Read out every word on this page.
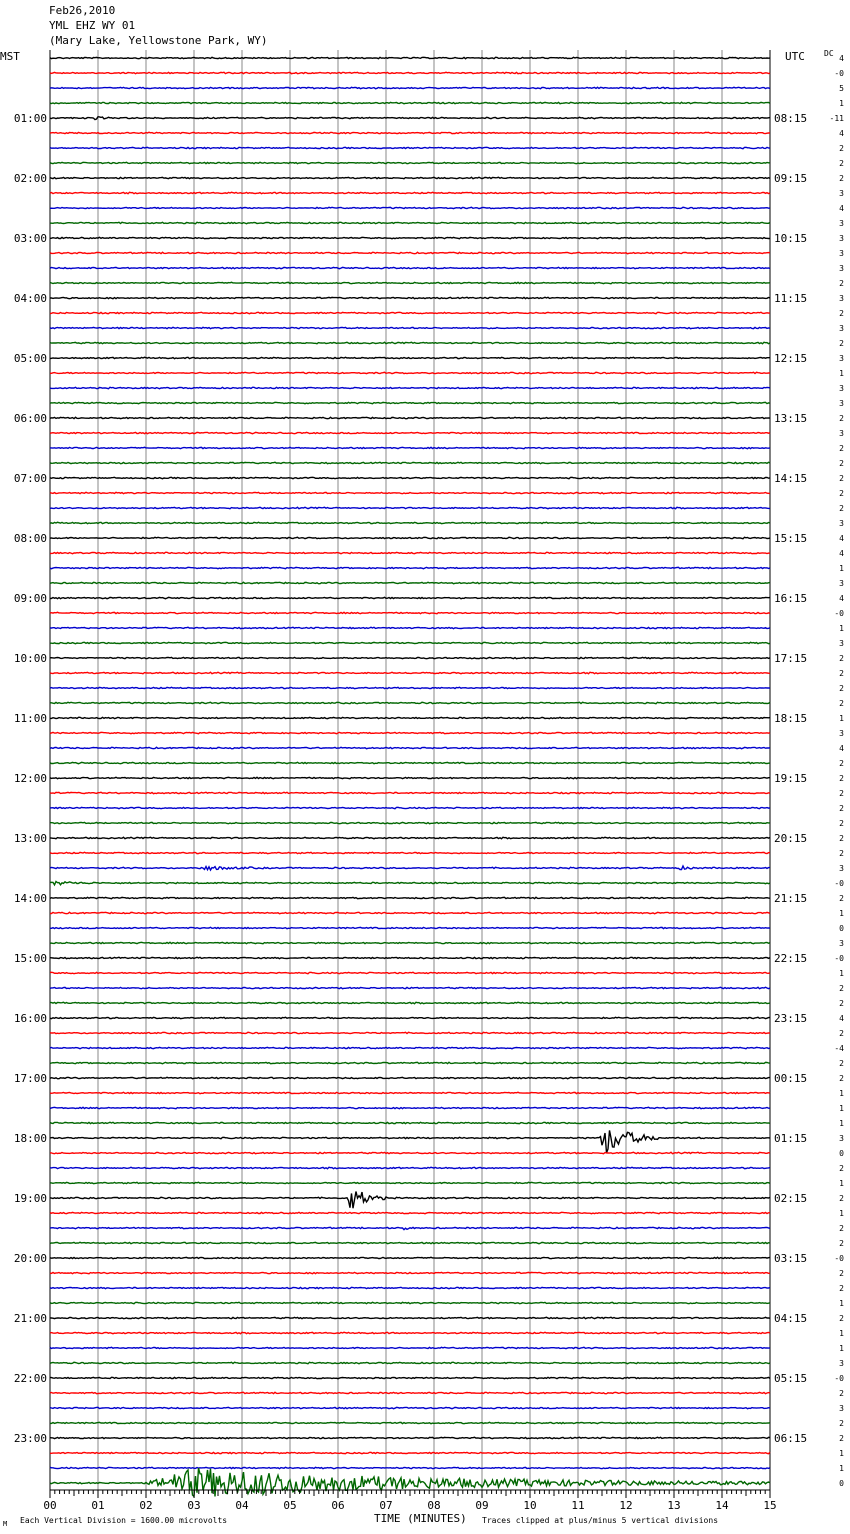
Feb26,2010
YML EHZ WY 01
(Mary Lake, Yellowstone Park, WY)
MST	UTC DC
4
-0
5
1
-11
4
2
2
2
3
4
3
3
3
3
2
3
2
3
2
3
1
3
3
2
3
2
2
2
2
2
3
4
4
1
3
4
-0
1
3
2
2
2
2
1
3
4
2
2
2
2
2
2
2
3
-0
2
1
0
3
-0
1
2
2
4
2
-4
2
2
1
1
1
3
0
2
1
2
1
2
2
-0
2
2
1
2
1
1
3
-0
2
3
2
2
1
1
0
01:00	08:15
02:00	09:15
03:00	10:15
04:00	11:15
05:00	12:15
06:00	13:15
07:00	14:15
08:00	15:15
09:00	16:15
10:00	17:15
11:00	18:15
12:00	19:15
13:00	20:15
14:00	21:15
15:00	22:15
16:00	23:15
17:00	00:15
18:00	01:15
19:00	02:15
20:00	03:15
21:00	04:15
22:00	05:15
23:00	06:15
00	01	02	03	04	05	06	07	08	09	10	11	12	13	14	15
M Each Vertical Division = 1600.00 microvolts	TIME (MINUTES) Traces clipped at plus/minus 5 vertical divisions
